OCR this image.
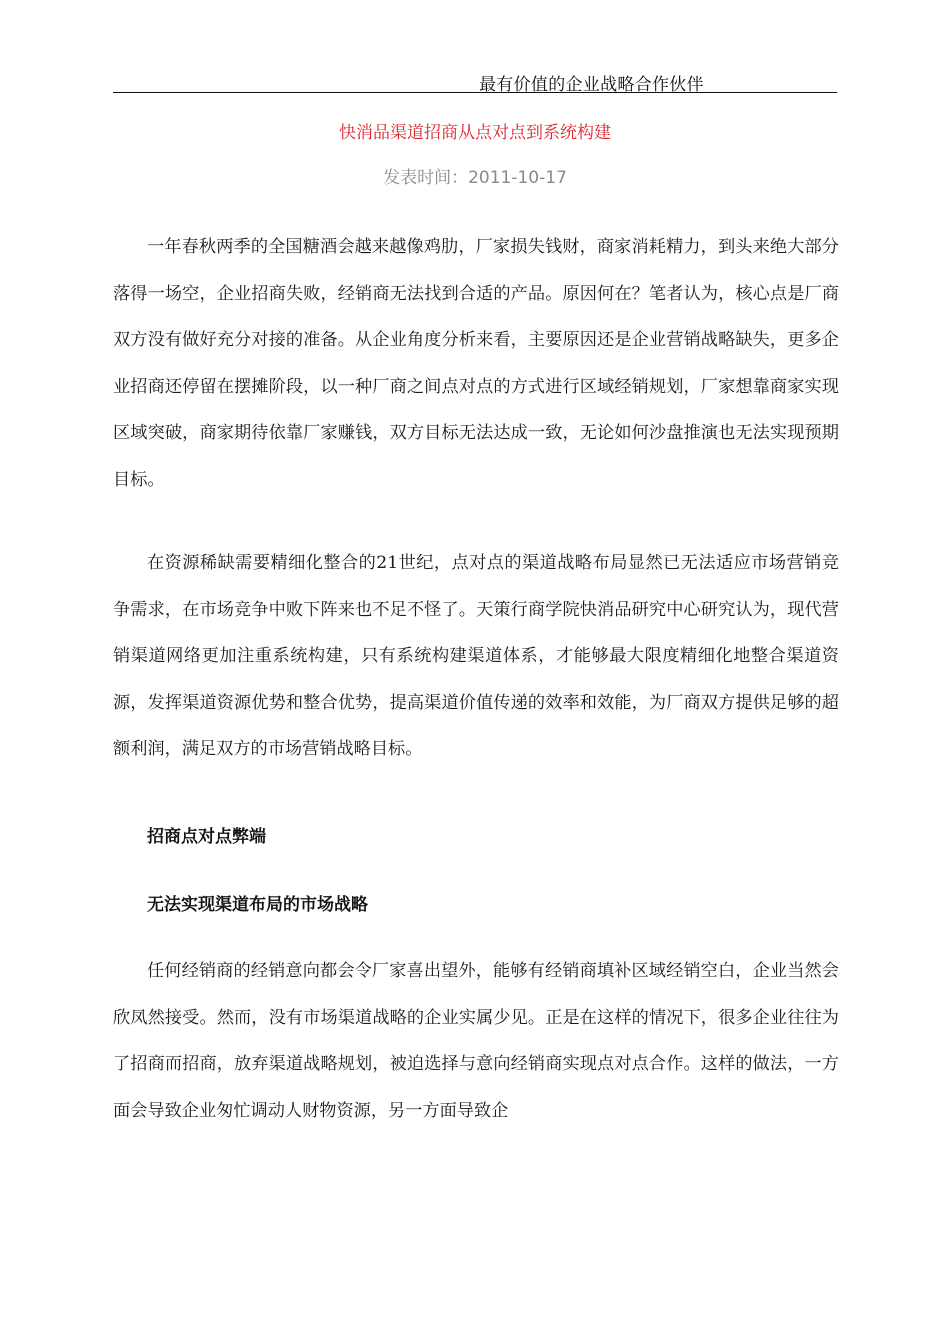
最有价值的企业战略合作伙伴
快消品渠道招商从点对点到系统构建
发表时间：2011-10-17

一年春秋两季的全国糖酒会越来越像鸡肋，厂家损失钱财，商家消耗精力，到头来绝大部分落得一场空，企业招商失败，经销商无法找到合适的产品。原因何在？笔者认为，核心点是厂商双方没有做好充分对接的准备。从企业角度分析来看，主要原因还是企业营销战略缺失，更多企业招商还停留在摆摊阶段，以一种厂商之间点对点的方式进行区域经销规划，厂家想靠商家实现区域突破，商家期待依靠厂家赚钱，双方目标无法达成一致，无论如何沙盘推演也无法实现预期目标。

在资源稀缺需要精细化整合的21世纪，点对点的渠道战略布局显然已无法适应市场营销竞争需求，在市场竞争中败下阵来也不足不怪了。天策行商学院快消品研究中心研究认为，现代营销渠道网络更加注重系统构建，只有系统构建渠道体系，才能够最大限度精细化地整合渠道资源，发挥渠道资源优势和整合优势，提高渠道价值传递的效率和效能，为厂商双方提供足够的超额利润，满足双方的市场营销战略目标。

招商点对点弊端
无法实现渠道布局的市场战略

任何经销商的经销意向都会令厂家喜出望外，能够有经销商填补区域经销空白，企业当然会欣凤然接受。然而，没有市场渠道战略的企业实属少见。正是在这样的情况下，很多企业往往为了招商而招商，放弃渠道战略规划，被迫选择与意向经销商实现点对点合作。这样的做法，一方面会导致企业匆忙调动人财物资源，另一方面导致企
